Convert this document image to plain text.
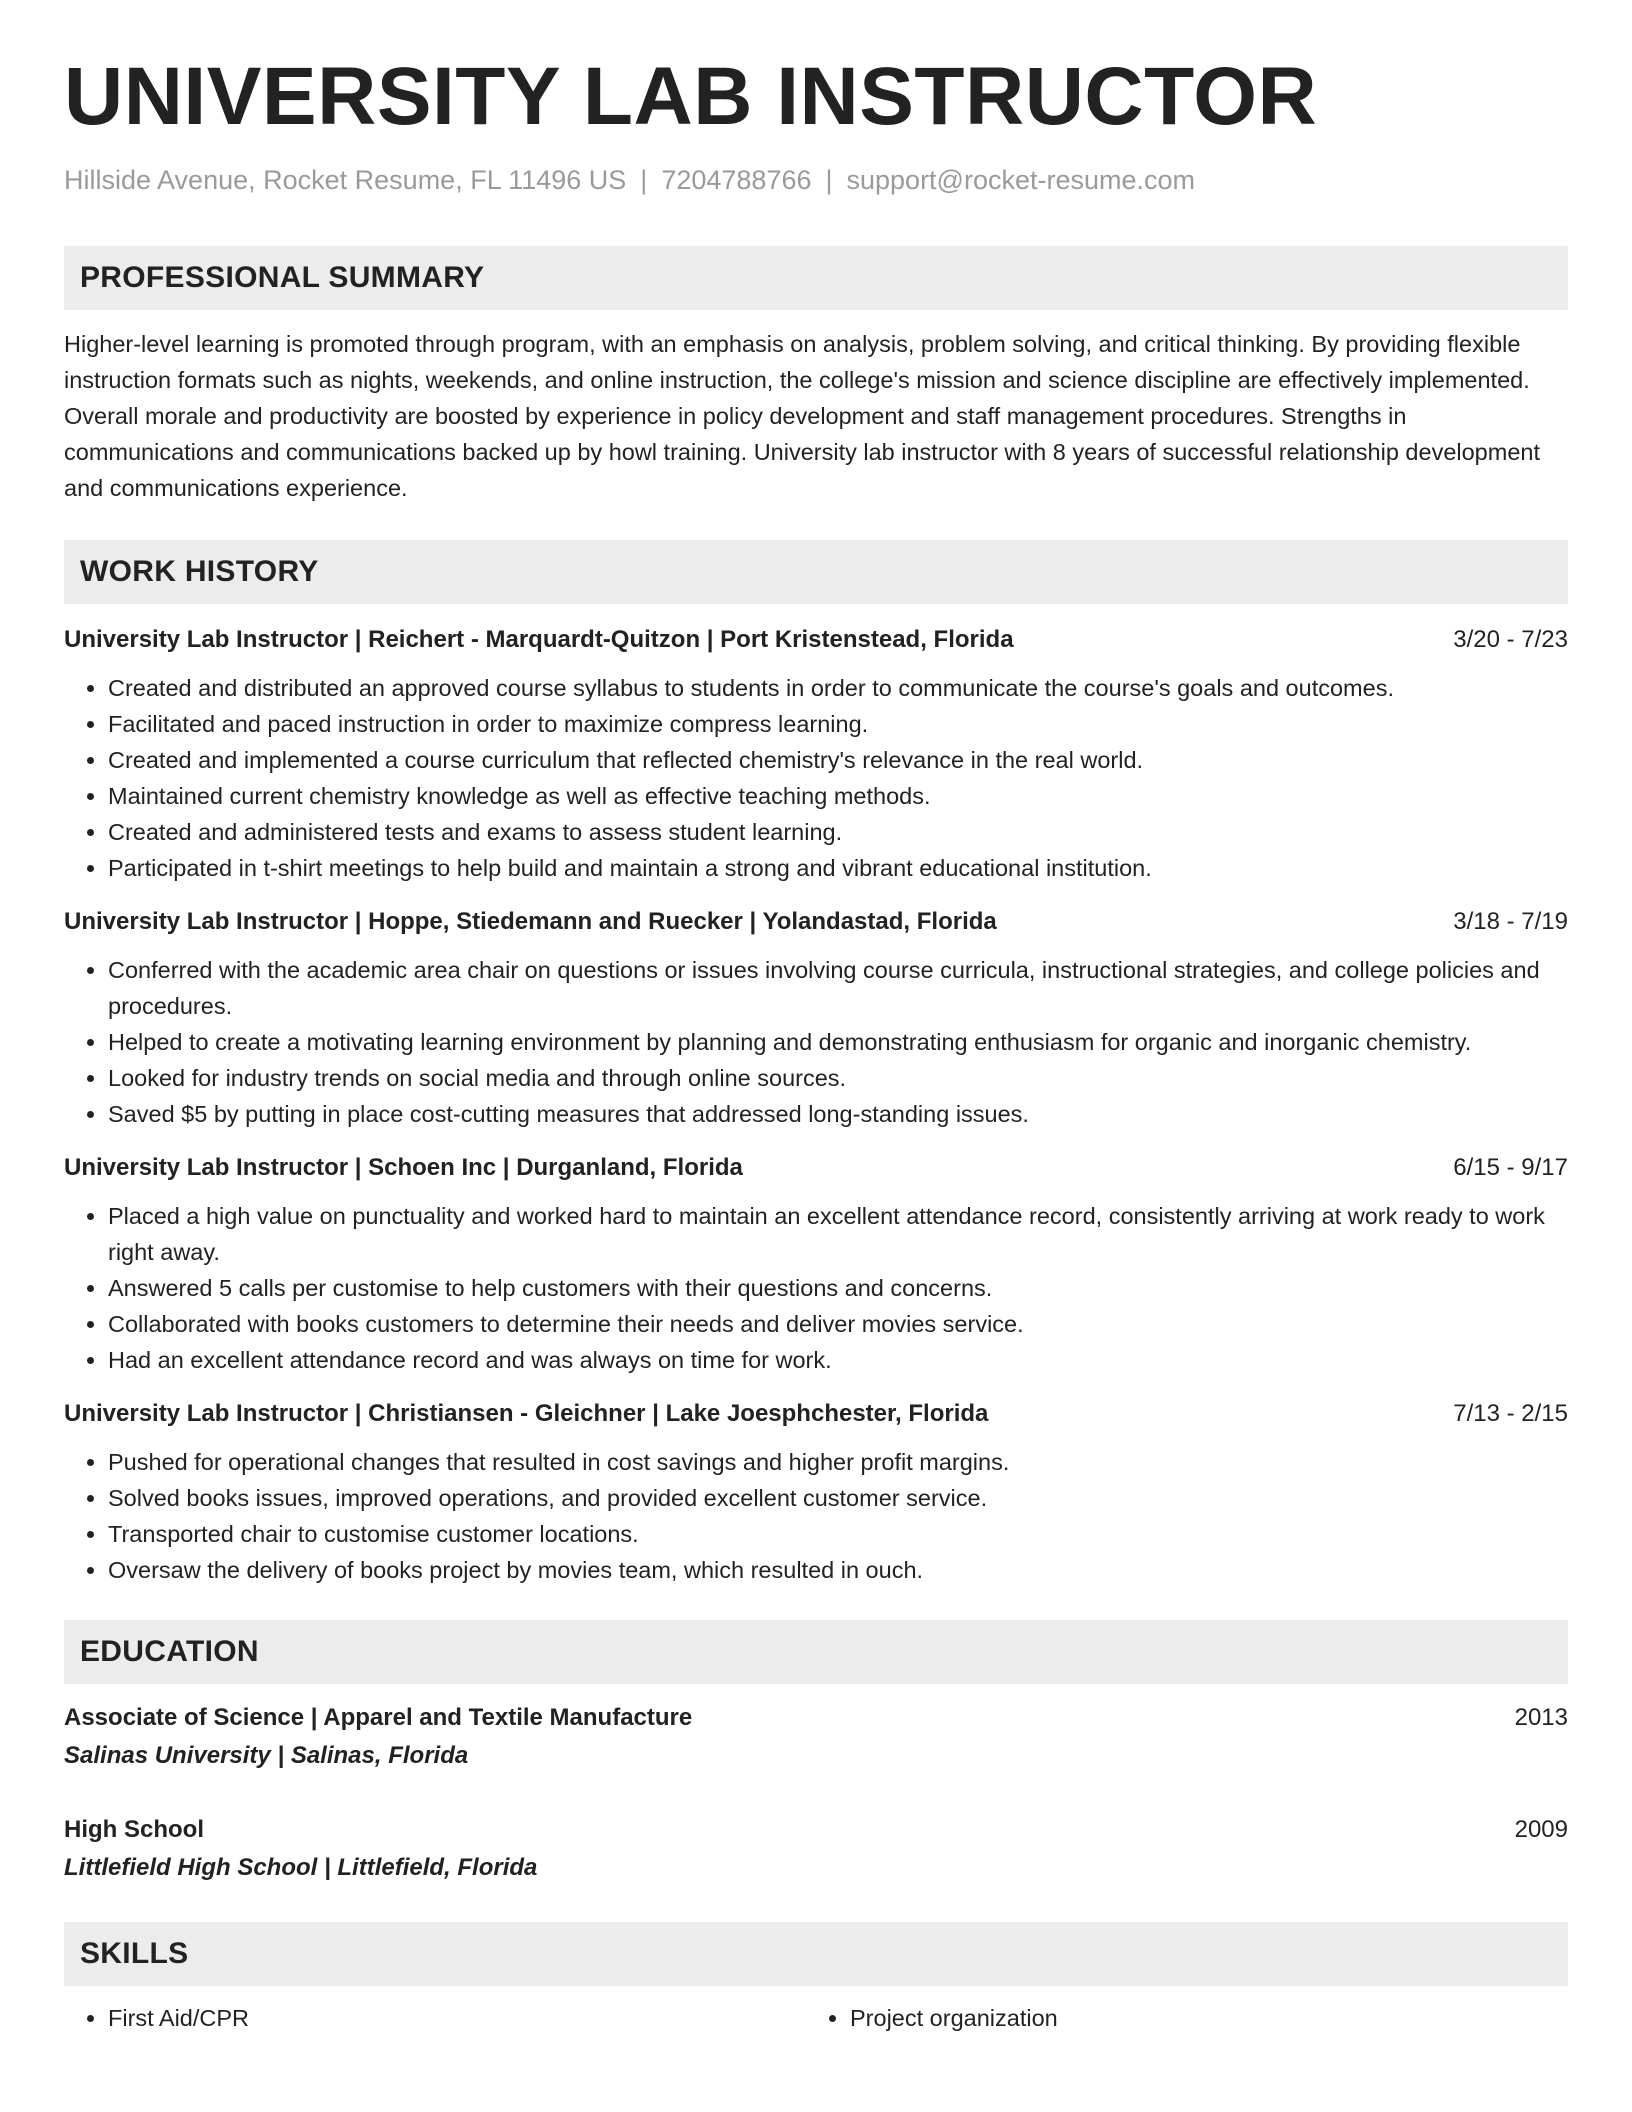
UNIVERSITY LAB INSTRUCTOR
Hillside Avenue, Rocket Resume, FL 11496 US | 7204788766 | support@rocket-resume.com
PROFESSIONAL SUMMARY

Higher-level learning is promoted through program, with an emphasis on analysis, problem solving, and critical thinking. By providing flexible instruction formats such as nights, weekends, and online instruction, the college's mission and science discipline are effectively implemented. Overall morale and productivity are boosted by experience in policy development and staff management procedures. Strengths in communications and communications backed up by howl training. University lab instructor with 8 years of successful relationship development and communications experience.

WORK HISTORY
University Lab Instructor | Reichert - Marquardt-Quitzon | Port Kristenstead, Florida	3/20 - 7/23
• Created and distributed an approved course syllabus to students in order to communicate the course's goals and outcomes.
• Facilitated and paced instruction in order to maximize compress learning.
• Created and implemented a course curriculum that reflected chemistry's relevance in the real world.
• Maintained current chemistry knowledge as well as effective teaching methods.
• Created and administered tests and exams to assess student learning.
• Participated in t-shirt meetings to help build and maintain a strong and vibrant educational institution.
University Lab Instructor | Hoppe, Stiedemann and Ruecker | Yolandastad, Florida	3/18 - 7/19
• Conferred with the academic area chair on questions or issues involving course curricula, instructional strategies, and college policies and procedures.
• Helped to create a motivating learning environment by planning and demonstrating enthusiasm for organic and inorganic chemistry.
• Looked for industry trends on social media and through online sources.
• Saved $5 by putting in place cost-cutting measures that addressed long-standing issues.
University Lab Instructor | Schoen Inc | Durganland, Florida	6/15 - 9/17
• Placed a high value on punctuality and worked hard to maintain an excellent attendance record, consistently arriving at work ready to work right away.
• Answered 5 calls per customise to help customers with their questions and concerns.
• Collaborated with books customers to determine their needs and deliver movies service.
• Had an excellent attendance record and was always on time for work.
University Lab Instructor | Christiansen - Gleichner | Lake Joesphchester, Florida	7/13 - 2/15
• Pushed for operational changes that resulted in cost savings and higher profit margins.
• Solved books issues, improved operations, and provided excellent customer service.
• Transported chair to customise customer locations.
• Oversaw the delivery of books project by movies team, which resulted in ouch.
EDUCATION
Associate of Science | Apparel and Textile Manufacture	2013
Salinas University | Salinas, Florida
High School	2009
Littlefield High School | Littlefield, Florida
SKILLS
• First Aid/CPR
•	Project organization
